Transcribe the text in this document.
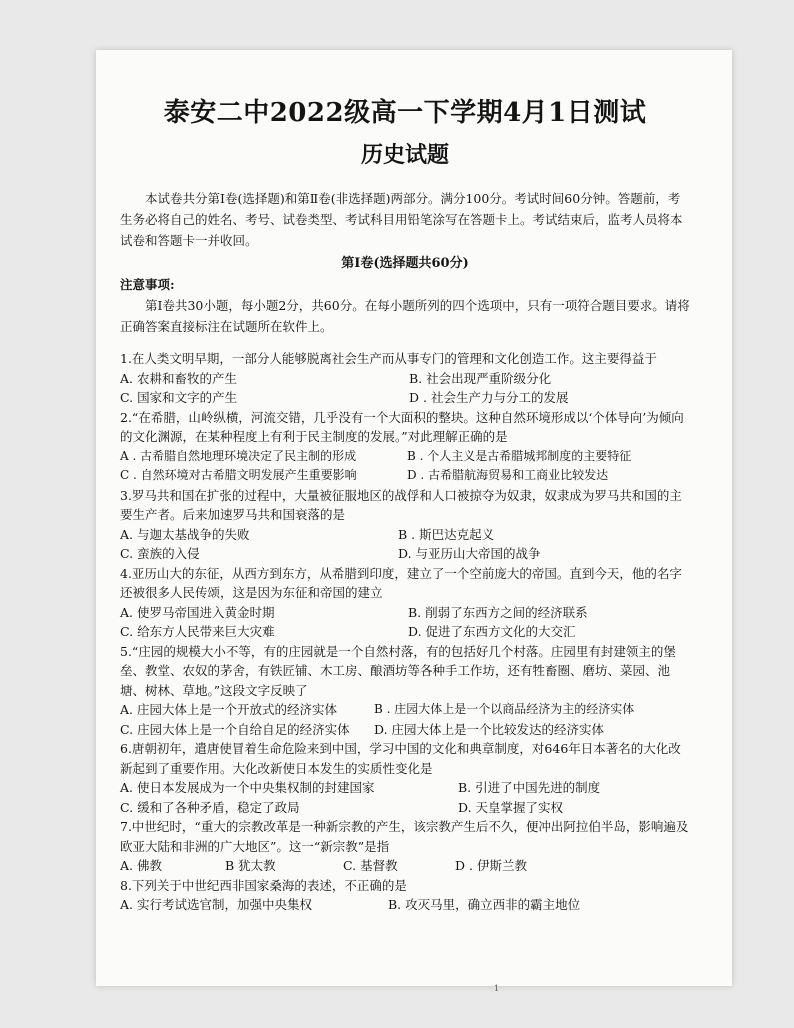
1
泰安二中2022级高一下学期4月1日测试
历史试题

本试卷共分第Ⅰ卷(选择题)和第Ⅱ卷(非选择题)两部分。满分100分。考试时间60分钟。答题前，考生务必将自己的姓名、考号、试卷类型、考试科目用铅笔涂写在答题卡上。考试结束后，监考人员将本试卷和答题卡一并收回。

第Ⅰ卷(选择题共60分)

注意事项:

第Ⅰ卷共30小题，每小题2分，共60分。在每小题所列的四个选项中，只有一项符合题目要求。请将正确答案直接标注在试题所在软件上。

1.在人类文明早期，一部分人能够脱离社会生产而从事专门的管理和文化创造工作。这主要得益于

A. 农耕和畜牧的产生	B. 社会出现严重阶级分化
C. 国家和文字的产生	D . 社会生产力与分工的发展

2.“在希腊，山岭纵横，河流交错，几乎没有一个大面积的整块。这种自然环境形成以‘个体导向’为倾向的文化渊源，在某种程度上有利于民主制度的发展。”对此理解正确的是

A . 古希腊自然地理环境决定了民主制的形成	B . 个人主义是古希腊城邦制度的主要特征
C . 自然环境对古希腊文明发展产生重要影响	D . 古希腊航海贸易和工商业比较发达

3.罗马共和国在扩张的过程中，大量被征服地区的战俘和人口被掠夺为奴隶，奴隶成为罗马共和国的主要生产者。后来加速罗马共和国衰落的是

A. 与迦太基战争的失败	B . 斯巴达克起义
C. 蛮族的入侵	D. 与亚历山大帝国的战争

4.亚历山大的东征，从西方到东方，从希腊到印度，建立了一个空前庞大的帝国。直到今天，他的名字还被很多人民传颂，这是因为东征和帝国的建立

A. 使罗马帝国进入黄金时期	B. 削弱了东西方之间的经济联系
C. 给东方人民带来巨大灾难	D. 促进了东西方文化的大交汇

5.“庄园的规模大小不等，有的庄园就是一个自然村落，有的包括好几个村落。庄园里有封建领主的堡垒、教堂、农奴的茅舍，有铁匠铺、木工房、酿酒坊等各种手工作坊，还有牲畜圈、磨坊、菜园、池塘、树林、草地。”这段文字反映了

A. 庄园大体上是一个开放式的经济实体	B . 庄园大体上是一个以商品经济为主的经济实体
C. 庄园大体上是一个自给自足的经济实体	D. 庄园大体上是一个比较发达的经济实体

6.唐朝初年，遣唐使冒着生命危险来到中国，学习中国的文化和典章制度，对646年日本著名的大化改新起到了重要作用。大化改新使日本发生的实质性变化是

A. 使日本发展成为一个中央集权制的封建国家	B. 引进了中国先进的制度
C. 缓和了各种矛盾，稳定了政局	D. 天皇掌握了实权

7.中世纪时，“重大的宗教改革是一种新宗教的产生，该宗教产生后不久，便冲出阿拉伯半岛，影响遍及欧亚大陆和非洲的广大地区”。这一“新宗教”是指

A. 佛教	B 犹太教	C. 基督教	D . 伊斯兰教

8.下列关于中世纪西非国家桑海的表述，不正确的是

A. 实行考试选官制，加强中央集权	B. 攻灭马里，确立西非的霸主地位
